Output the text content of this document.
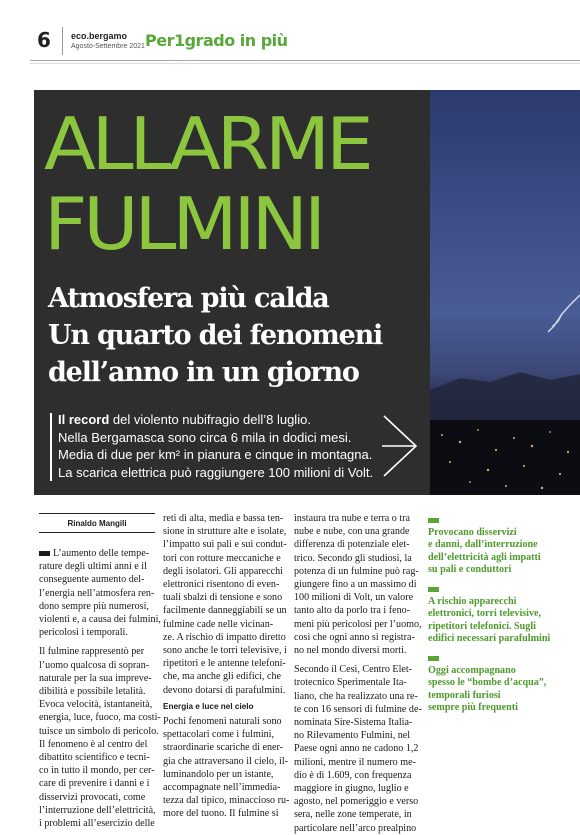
6 eco.bergamo
Agosto-Settembre 2021 Per1grado in più
ALLARME
FULMINI
Atmosfera più calda
Un quarto dei fenomeni
dell’anno in un giorno
Il record del violento nubifragio dell’8 luglio.
Nella Bergamasca sono circa 6 mila in dodici mesi.
Media di due per km² in pianura e cinque in montagna.
La scarica elettrica può raggiungere 100 milioni di Volt.
Rinaldo Mangili
L’aumento delle tempe-
rature degli ultimi anni e il
conseguente aumento del-
l’energia nell’atmosfera ren-
dono sempre più numerosi,
violenti e, a causa dei fulmini,
pericolosi i temporali.
Il fulmine rappresentò per
l’uomo qualcosa di sopran-
naturale per la sua impreve-
dibilità e possibile letalità.
Evoca velocità, istantaneità,
energia, luce, fuoco, ma costi-
tuisce un simbolo di pericolo.
Il fenomeno è al centro del
dibattito scientifico e tecni-
co in tutto il mondo, per cer-
care di prevenire i danni e i
disservizi provocati, come
l’interruzione dell’elettricità,
i problemi all’esercizio delle
reti di alta, media e bassa ten-
sione in strutture alte e isolate,
l’impatto sui pali e sui condut-
tori con rotture meccaniche e
degli isolatori. Gli apparecchi
elettronici risentono di even-
tuali sbalzi di tensione e sono
facilmente danneggiabili se un
fulmine cade nelle vicinan-
ze. A rischio di impatto diretto
sono anche le torri televisive, i
ripetitori e le antenne telefoni-
che, ma anche gli edifici, che
devono dotarsi di parafulmini.
Energia e luce nel cielo
Pochi fenomeni naturali sono
spettacolari come i fulmini,
straordinarie scariche di ener-
gia che attraversano il cielo, il-
luminandolo per un istante,
accompagnate nell’immedia-
tezza dal tipico, minaccioso ru-
more del tuono. Il fulmine si
instaura tra nube e terra o tra
nube e nube, con una grande
differenza di potenziale elet-
trico. Secondo gli studiosi, la
potenza di un fulmine può rag-
giungere fino a un massimo di
100 milioni di Volt, un valore
tanto alto da porlo tra i feno-
meni più pericolosi per l’uomo,
così che ogni anno si registra-
no nel mondo diversi morti.
Secondo il Cesi, Centro Elet-
trotecnico Sperimentale Ita-
liano, che ha realizzato una re-
te con 16 sensori di fulmine de-
nominata Sire-Sistema Italia-
no Rilevamento Fulmini, nel
Paese ogni anno ne cadono 1,2
milioni, mentre il numero me-
dio è di 1.609, con frequenza
maggiore in giugno, luglio e
agosto, nel pomeriggio e verso
sera, nelle zone temperate, in
particolare nell’arco prealpino
Provocano disservizi
e danni, dall’interruzione
dell’elettricità agli impatti
su pali e conduttori
A rischio apparecchi
elettronici, torri televisive,
ripetitori telefonici. Sugli
edifici necessari parafulmini
Oggi accompagnano
spesso le “bombe d’acqua”,
temporali furiosi
sempre più frequenti
